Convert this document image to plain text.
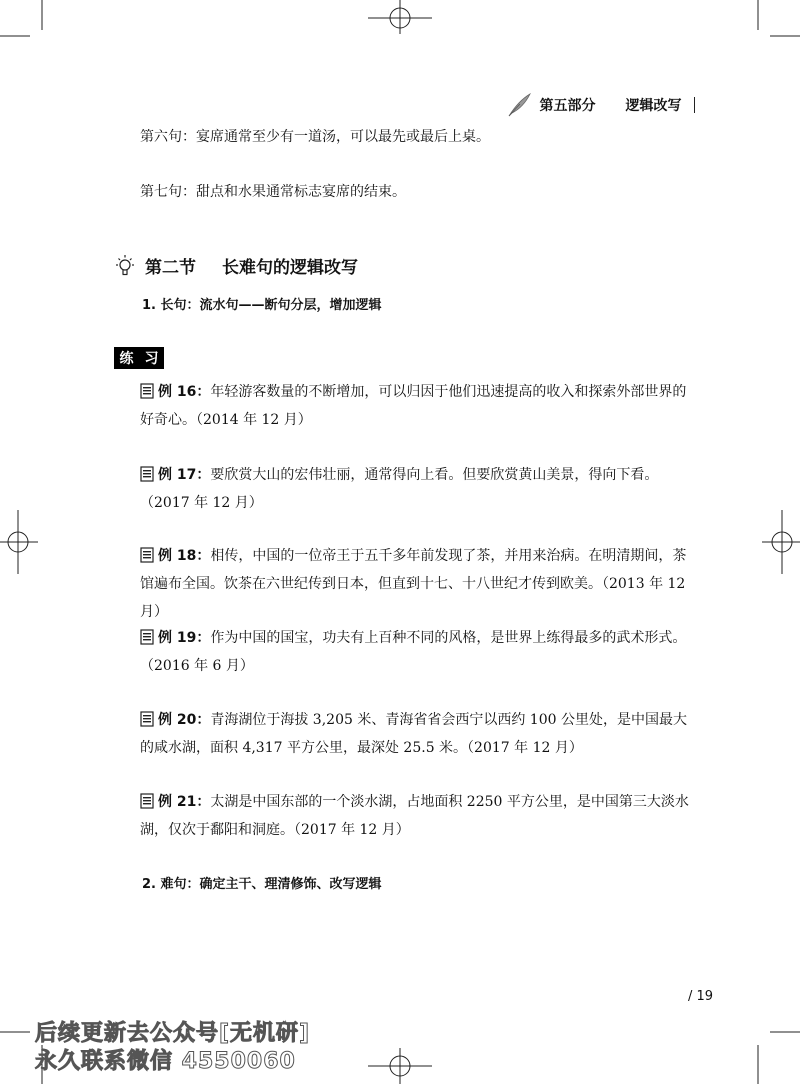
第五部分 逻辑改写
第六句：宴席通常至少有一道汤，可以最先或最后上桌。
第七句：甜点和水果通常标志宴席的结束。
第二节 长难句的逻辑改写
1. 长句：流水句——断句分层，增加逻辑
练 习
例 16：年轻游客数量的不断增加，可以归因于他们迅速提高的收入和探索外部世界的好奇心。（2014 年 12 月）
例 17：要欣赏大山的宏伟壮丽，通常得向上看。但要欣赏黄山美景，得向下看。（2017 年 12 月）
例 18：相传，中国的一位帝王于五千多年前发现了茶，并用来治病。在明清期间，茶馆遍布全国。饮茶在六世纪传到日本，但直到十七、十八世纪才传到欧美。（2013 年 12 月）
例 19：作为中国的国宝，功夫有上百种不同的风格，是世界上练得最多的武术形式。（2016 年 6 月）
例 20：青海湖位于海拔 3,205 米、青海省省会西宁以西约 100 公里处，是中国最大的咸水湖，面积 4,317 平方公里，最深处 25.5 米。（2017 年 12 月）
例 21：太湖是中国东部的一个淡水湖，占地面积 2250 平方公里，是中国第三大淡水湖，仅次于鄱阳和洞庭。（2017 年 12 月）
2. 难句：确定主干、理清修饰、改写逻辑
/ 19
后续更新去公众号[无机研]
永久联系微信 4550060
